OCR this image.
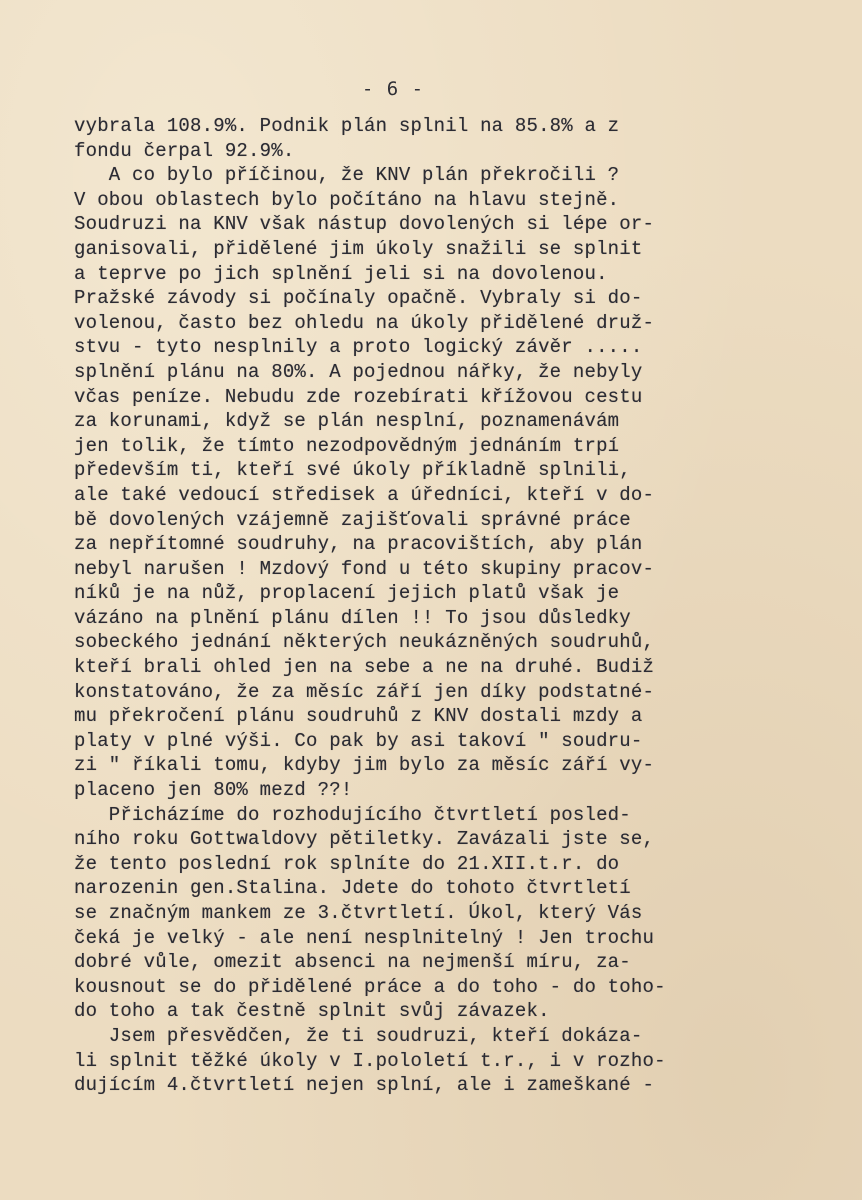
- 6 -
vybrala 108.9%. Podnik plán splnil na 85.8% a z
fondu čerpal 92.9%.
A co bylo příčinou, že KNV plán překročili ?
V obou oblastech bylo počítáno na hlavu stejně.
Soudruzi na KNV však nástup dovolených si lépe or-
ganisovali, přidělené jim úkoly snažili se splnit
a teprve po jich splnění jeli si na dovolenou.
Pražské závody si počínaly opačně. Vybraly si do-
volenou, často bez ohledu na úkoly přidělené druž-
stvu - tyto nesplnily a proto logický závěr .....
splnění plánu na 80%. A pojednou nářky, že nebyly
včas peníze. Nebudu zde rozebírati křížovou cestu
za korunami, když se plán nesplní, poznamenávám
jen tolik, že tímto nezodpovědným jednáním trpí
především ti, kteří své úkoly příkladně splnili,
ale také vedoucí středisek a úředníci, kteří v do-
bě dovolených vzájemně zajišťovali správné práce
za nepřítomné soudruhy, na pracovištích, aby plán
nebyl narušen ! Mzdový fond u této skupiny pracov-
níků je na nůž, proplacení jejich platů však je
vázáno na plnění plánu dílen !! To jsou důsledky
sobeckého jednání některých neukázněných soudruhů,
kteří brali ohled jen na sebe a ne na druhé. Budiž
konstatováno, že za měsíc září jen díky podstatné-
mu překročení plánu soudruhů z KNV dostali mzdy a
platy v plné výši. Co pak by asi takoví " soudru-
zi " říkali tomu, kdyby jim bylo za měsíc září vy-
placeno jen 80% mezd ??!
Přicházíme do rozhodujícího čtvrtletí posled-
ního roku Gottwaldovy pětiletky. Zavázali jste se,
že tento poslední rok splníte do 21.XII.t.r. do
narozenin gen.Stalina. Jdete do tohoto čtvrtletí
se značným mankem ze 3.čtvrtletí. Úkol, který Vás
čeká je velký - ale není nesplnitelný ! Jen trochu
dobré vůle, omezit absenci na nejmenší míru, za-
kousnout se do přidělené práce a do toho - do toho-
do toho a tak čestně splnit svůj závazek.
Jsem přesvědčen, že ti soudruzi, kteří dokáza-
li splnit těžké úkoly v I.pololetí t.r., i v rozho-
dujícím 4.čtvrtletí nejen splní, ale i zameškané -
